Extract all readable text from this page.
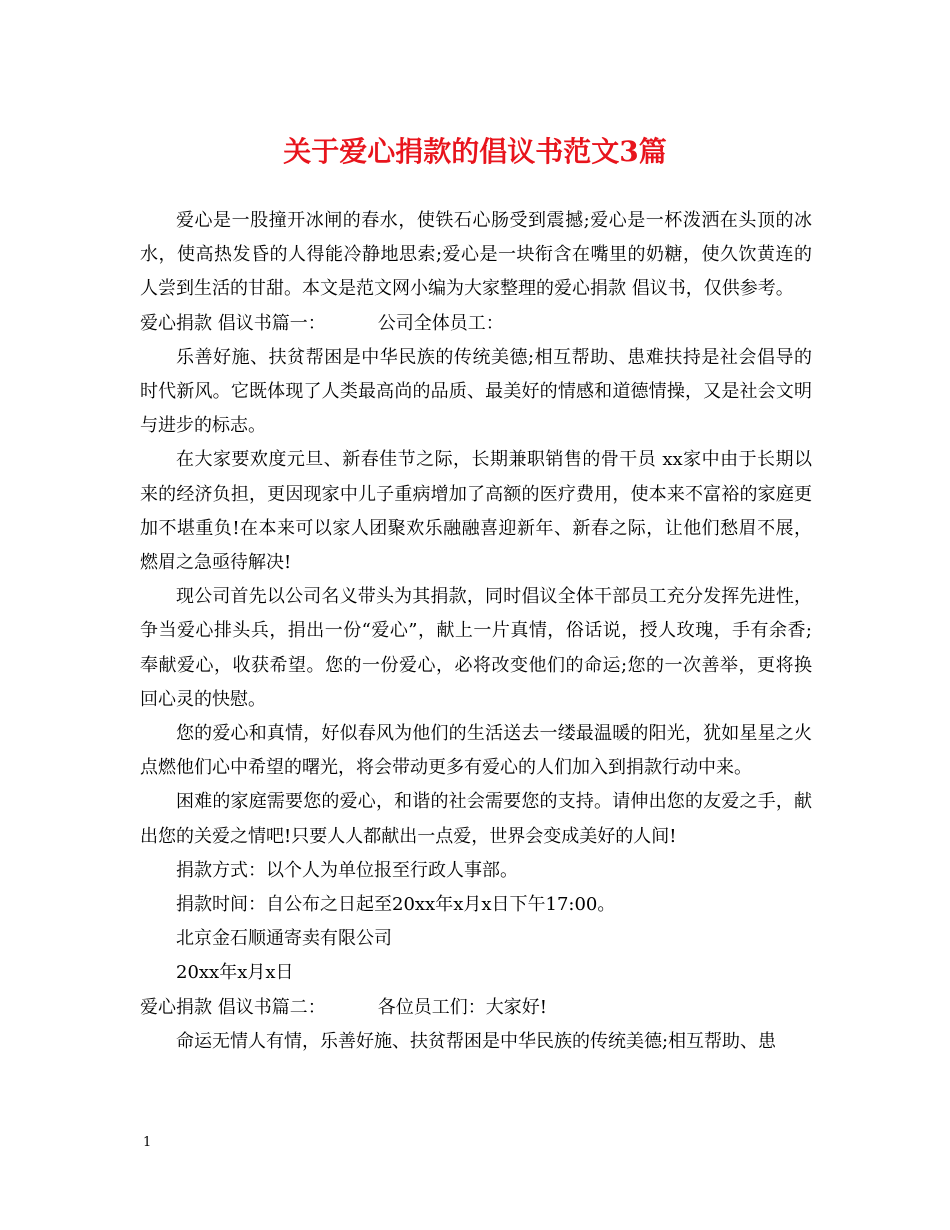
关于爱心捐款的倡议书范文3篇

爱心是一股撞开冰闸的春水，使铁石心肠受到震撼;爱心是一杯泼洒在头顶的冰水，使高热发昏的人得能冷静地思索;爱心是一块衔含在嘴里的奶糖，使久饮黄连的人尝到生活的甘甜。本文是范文网小编为大家整理的爱心捐款 倡议书，仅供参考。

爱心捐款 倡议书篇一：	公司全体员工：

乐善好施、扶贫帮困是中华民族的传统美德;相互帮助、患难扶持是社会倡导的时代新风。它既体现了人类最高尚的品质、最美好的情感和道德情操，又是社会文明与进步的标志。

在大家要欢度元旦、新春佳节之际，长期兼职销售的骨干员 xx家中由于长期以来的经济负担，更因现家中儿子重病增加了高额的医疗费用，使本来不富裕的家庭更加不堪重负!在本来可以家人团聚欢乐融融喜迎新年、新春之际，让他们愁眉不展，燃眉之急亟待解决!

现公司首先以公司名义带头为其捐款，同时倡议全体干部员工充分发挥先进性，争当爱心排头兵，捐出一份“爱心”，献上一片真情，俗话说，授人玫瑰，手有余香;奉献爱心，收获希望。您的一份爱心，必将改变他们的命运;您的一次善举，更将换回心灵的快慰。

您的爱心和真情，好似春风为他们的生活送去一缕最温暖的阳光，犹如星星之火点燃他们心中希望的曙光，将会带动更多有爱心的人们加入到捐款行动中来。

困难的家庭需要您的爱心，和谐的社会需要您的支持。请伸出您的友爱之手，献出您的关爱之情吧!只要人人都献出一点爱，世界会变成美好的人间!

捐款方式：以个人为单位报至行政人事部。

捐款时间：自公布之日起至20xx年x月x日下午17:00。

北京金石顺通寄卖有限公司

20xx年x月x日

爱心捐款 倡议书篇二：	各位员工们：大家好!

命运无情人有情，乐善好施、扶贫帮困是中华民族的传统美德;相互帮助、患

1
